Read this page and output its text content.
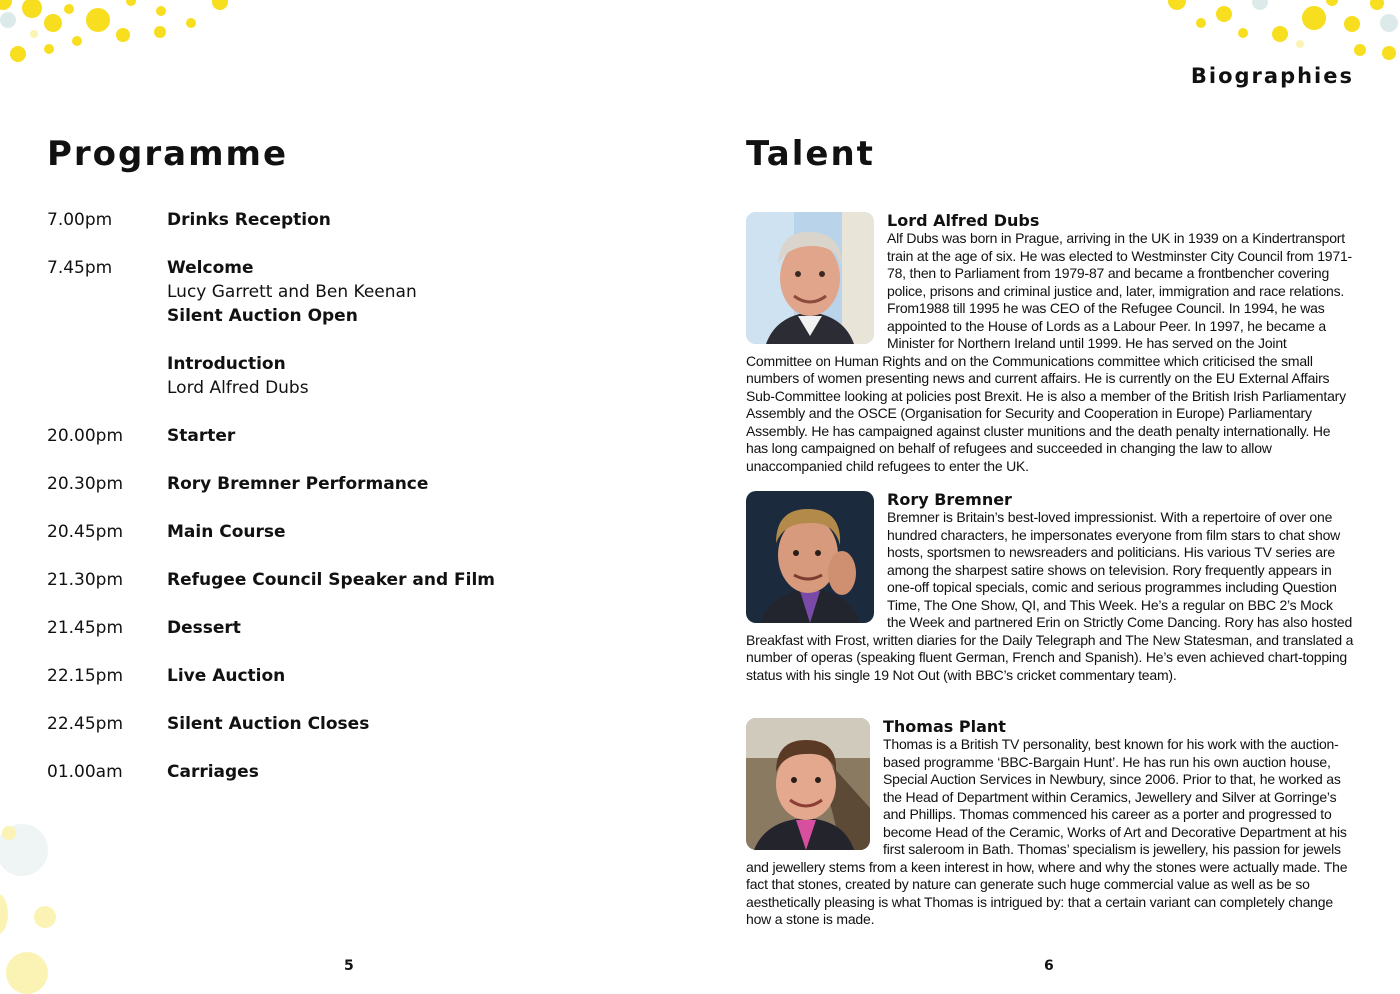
Programme
7.00pm	Drinks Reception
7.45pm	Welcome
Lucy Garrett and Ben Keenan
Silent Auction Open
Introduction
Lord Alfred Dubs
20.00pm	Starter
20.30pm	Rory Bremner Performance
20.45pm	Main Course
21.30pm	Refugee Council Speaker and Film
21.45pm	Dessert
22.15pm	Live Auction
22.45pm	Silent Auction Closes
01.00am	Carriages
5
Biographies
Talent
Lord Alfred Dubs
Alf Dubs was born in Prague, arriving in the UK in 1939 on a Kindertransport train at the age of six. He was elected to Westminster City Council from 1971-78, then to Parliament from 1979-87 and became a frontbencher covering police, prisons and criminal justice and, later, immigration and race relations. From1988 till 1995 he was CEO of the Refugee Council. In 1994, he was appointed to the House of Lords as a Labour Peer. In 1997, he became a Minister for Northern Ireland until 1999. He has served on the Joint Committee on Human Rights and on the Communications committee which criticised the small numbers of women presenting news and current affairs. He is currently on the EU External Affairs Sub-Committee looking at policies post Brexit. He is also a member of the British Irish Parliamentary Assembly and the OSCE (Organisation for Security and Cooperation in Europe) Parliamentary Assembly. He has campaigned against cluster munitions and the death penalty internationally. He has long campaigned on behalf of refugees and succeeded in changing the law to allow unaccompanied child refugees to enter the UK.
Rory Bremner
Bremner is Britain’s best-loved impressionist. With a repertoire of over one hundred characters, he impersonates everyone from film stars to chat show hosts, sportsmen to newsreaders and politicians. His various TV series are among the sharpest satire shows on television. Rory frequently appears in one-off topical specials, comic and serious programmes including Question Time, The One Show, QI, and This Week. He’s a regular on BBC 2’s Mock the Week and partnered Erin on Strictly Come Dancing. Rory has also hosted Breakfast with Frost, written diaries for the Daily Telegraph and The New Statesman, and translated a number of operas (speaking fluent German, French and Spanish). He’s even achieved chart-topping status with his single 19 Not Out (with BBC’s cricket commentary team).
Thomas Plant
Thomas is a British TV personality, best known for his work with the auction-based programme ‘BBC-Bargain Hunt’. He has run his own auction house, Special Auction Services in Newbury, since 2006. Prior to that, he worked as the Head of Department within Ceramics, Jewellery and Silver at Gorringe’s and Phillips. Thomas commenced his career as a porter and progressed to become Head of the Ceramic, Works of Art and Decorative Department at his first saleroom in Bath. Thomas’ specialism is jewellery, his passion for jewels and jewellery stems from a keen interest in how, where and why the stones were actually made. The fact that stones, created by nature can generate such huge commercial value as well as be so aesthetically pleasing is what Thomas is intrigued by: that a certain variant can completely change how a stone is made.
6
